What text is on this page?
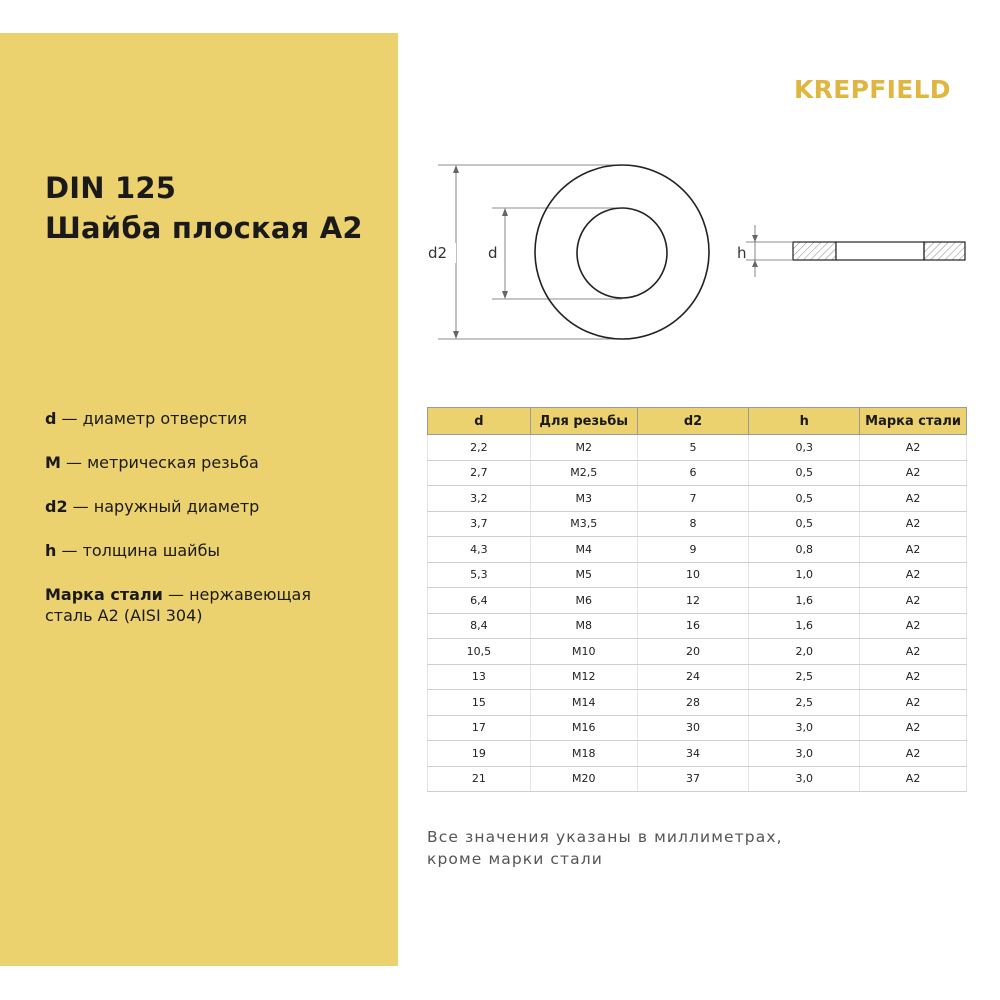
DIN 125
Шайба плоская А2
d — диаметр отверстия
M — метрическая резьба
d2 — наружный диаметр
h — толщина шайбы
Марка стали — нержавеющая сталь А2 (AISI 304)
KREPFIELD
d2	d	h
d	Для резьбы	d2	h	Марка стали
2,2	M2	5	0,3	A2
2,7	M2,5	6	0,5	A2
3,2	M3	7	0,5	A2
3,7	M3,5	8	0,5	A2
4,3	M4	9	0,8	A2
5,3	M5	10	1,0	A2
6,4	M6	12	1,6	A2
8,4	M8	16	1,6	A2
10,5	M10	20	2,0	A2
13	M12	24	2,5	A2
15	M14	28	2,5	A2
17	M16	30	3,0	A2
19	M18	34	3,0	A2
21	M20	37	3,0	A2
Все значения указаны в миллиметрах,
кроме марки стали
